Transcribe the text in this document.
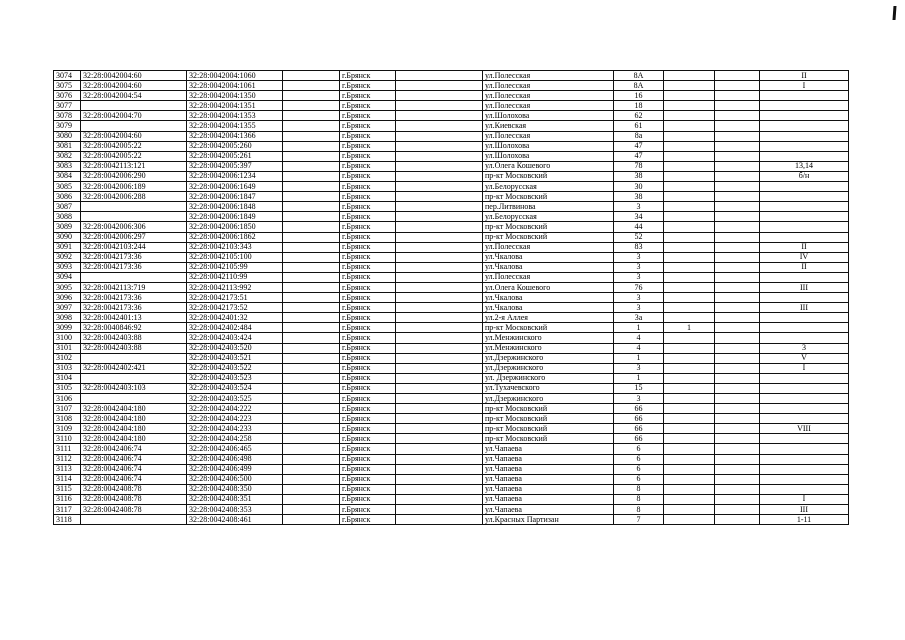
3074	32:28:0042004:60	32:28:0042004:1060		г.Брянск		ул.Полесская	8А			II
3075	32:28:0042004:60	32:28:0042004:1061		г.Брянск		ул.Полесская	8А			I
3076	32:28:0042004:54	32:28:0042004:1350		г.Брянск		ул.Полесская	16			
3077		32:28:0042004:1351		г.Брянск		ул.Полесская	18			
3078	32:28:0042004:70	32:28:0042004:1353		г.Брянск		ул.Шолохова	62			
3079		32:28:0042004:1355		г.Брянск		ул.Киевская	61			
3080	32:28:0042004:60	32:28:0042004:1366		г.Брянск		ул.Полесская	8а			
3081	32:28:0042005:22	32:28:0042005:260		г.Брянск		ул.Шолохова	47			
3082	32:28:0042005:22	32:28:0042005:261		г.Брянск		ул.Шолохова	47			
3083	32:28:0042113:121	32:28:0042005:397		г.Брянск		ул.Олега Кошевого	78			13,14
3084	32:28:0042006:290	32:28:0042006:1234		г.Брянск		пр-кт Московский	38			б/н
3085	32:28:0042006:189	32:28:0042006:1649		г.Брянск		ул.Белорусская	30			
3086	32:28:0042006:288	32:28:0042006:1847		г.Брянск		пр-кт Московский	38			
3087		32:28:0042006:1848		г.Брянск		пер.Литвинова	3			
3088		32:28:0042006:1849		г.Брянск		ул.Белорусская	34			
3089	32:28:0042006:306	32:28:0042006:1850		г.Брянск		пр-кт Московский	44			
3090	32:28:0042006:297	32:28:0042006:1862		г.Брянск		пр-кт Московский	52			
3091	32:28:0042103:244	32:28:0042103:343		г.Брянск		ул.Полесская	83			II
3092	32:28:0042173:36	32:28:0042105:100		г.Брянск		ул.Чкалова	3			IV
3093	32:28:0042173:36	32:28:0042105:99		г.Брянск		ул.Чкалова	3			II
3094		32:28:0042110:99		г.Брянск		ул.Полесская	3			
3095	32:28:0042113:719	32:28:0042113:992		г.Брянск		ул.Олега Кошевого	76			III
3096	32:28:0042173:36	32:28:0042173:51		г.Брянск		ул.Чкалова	3			
3097	32:28:0042173:36	32:28:0042173:52		г.Брянск		ул.Чкалова	3			III
3098	32:28:0042401:13	32:28:0042401:32		г.Брянск		ул.2-я Аллея	3а			
3099	32:28:0040846:92	32:28:0042402:484		г.Брянск		пр-кт Московский	1	1		
3100	32:28:0042403:88	32:28:0042403:424		г.Брянск		ул.Менжинского	4			
3101	32:28:0042403:88	32:28:0042403:520		г.Брянск		ул.Менжинского	4			3
3102		32:28:0042403:521		г.Брянск		ул.Дзержинского	1			V
3103	32:28:0042402:421	32:28:0042403:522		г.Брянск		ул.Дзержинского	3			I
3104		32:28:0042403:523		г.Брянск		ул. Дзержинского	1			
3105	32:28:0042403:103	32:28:0042403:524		г.Брянск		ул.Тухачевского	15			
3106		32:28:0042403:525		г.Брянск		ул.Дзержинского	3			
3107	32:28:0042404:180	32:28:0042404:222		г.Брянск		пр-кт Московский	66			
3108	32:28:0042404:180	32:28:0042404:223		г.Брянск		пр-кт Московский	66			
3109	32:28:0042404:180	32:28:0042404:233		г.Брянск		пр-кт Московский	66			VIII
3110	32:28:0042404:180	32:28:0042404:258		г.Брянск		пр-кт Московский	66			
3111	32:28:0042406:74	32:28:0042406:465		г.Брянск		ул.Чапаева	6			
3112	32:28:0042406:74	32:28:0042406:498		г.Брянск		ул.Чапаева	6			
3113	32:28:0042406:74	32:28:0042406:499		г.Брянск		ул.Чапаева	6			
3114	32:28:0042406:74	32:28:0042406:500		г.Брянск		ул.Чапаева	6			
3115	32:28:0042408:78	32:28:0042408:350		г.Брянск		ул.Чапаева	8			
3116	32:28:0042408:78	32:28:0042408:351		г.Брянск		ул.Чапаева	8			I
3117	32:28:0042408:78	32:28:0042408:353		г.Брянск		ул.Чапаева	8			III
3118		32:28:0042408:461		г.Брянск		ул.Красных Партизан	7			1-11
